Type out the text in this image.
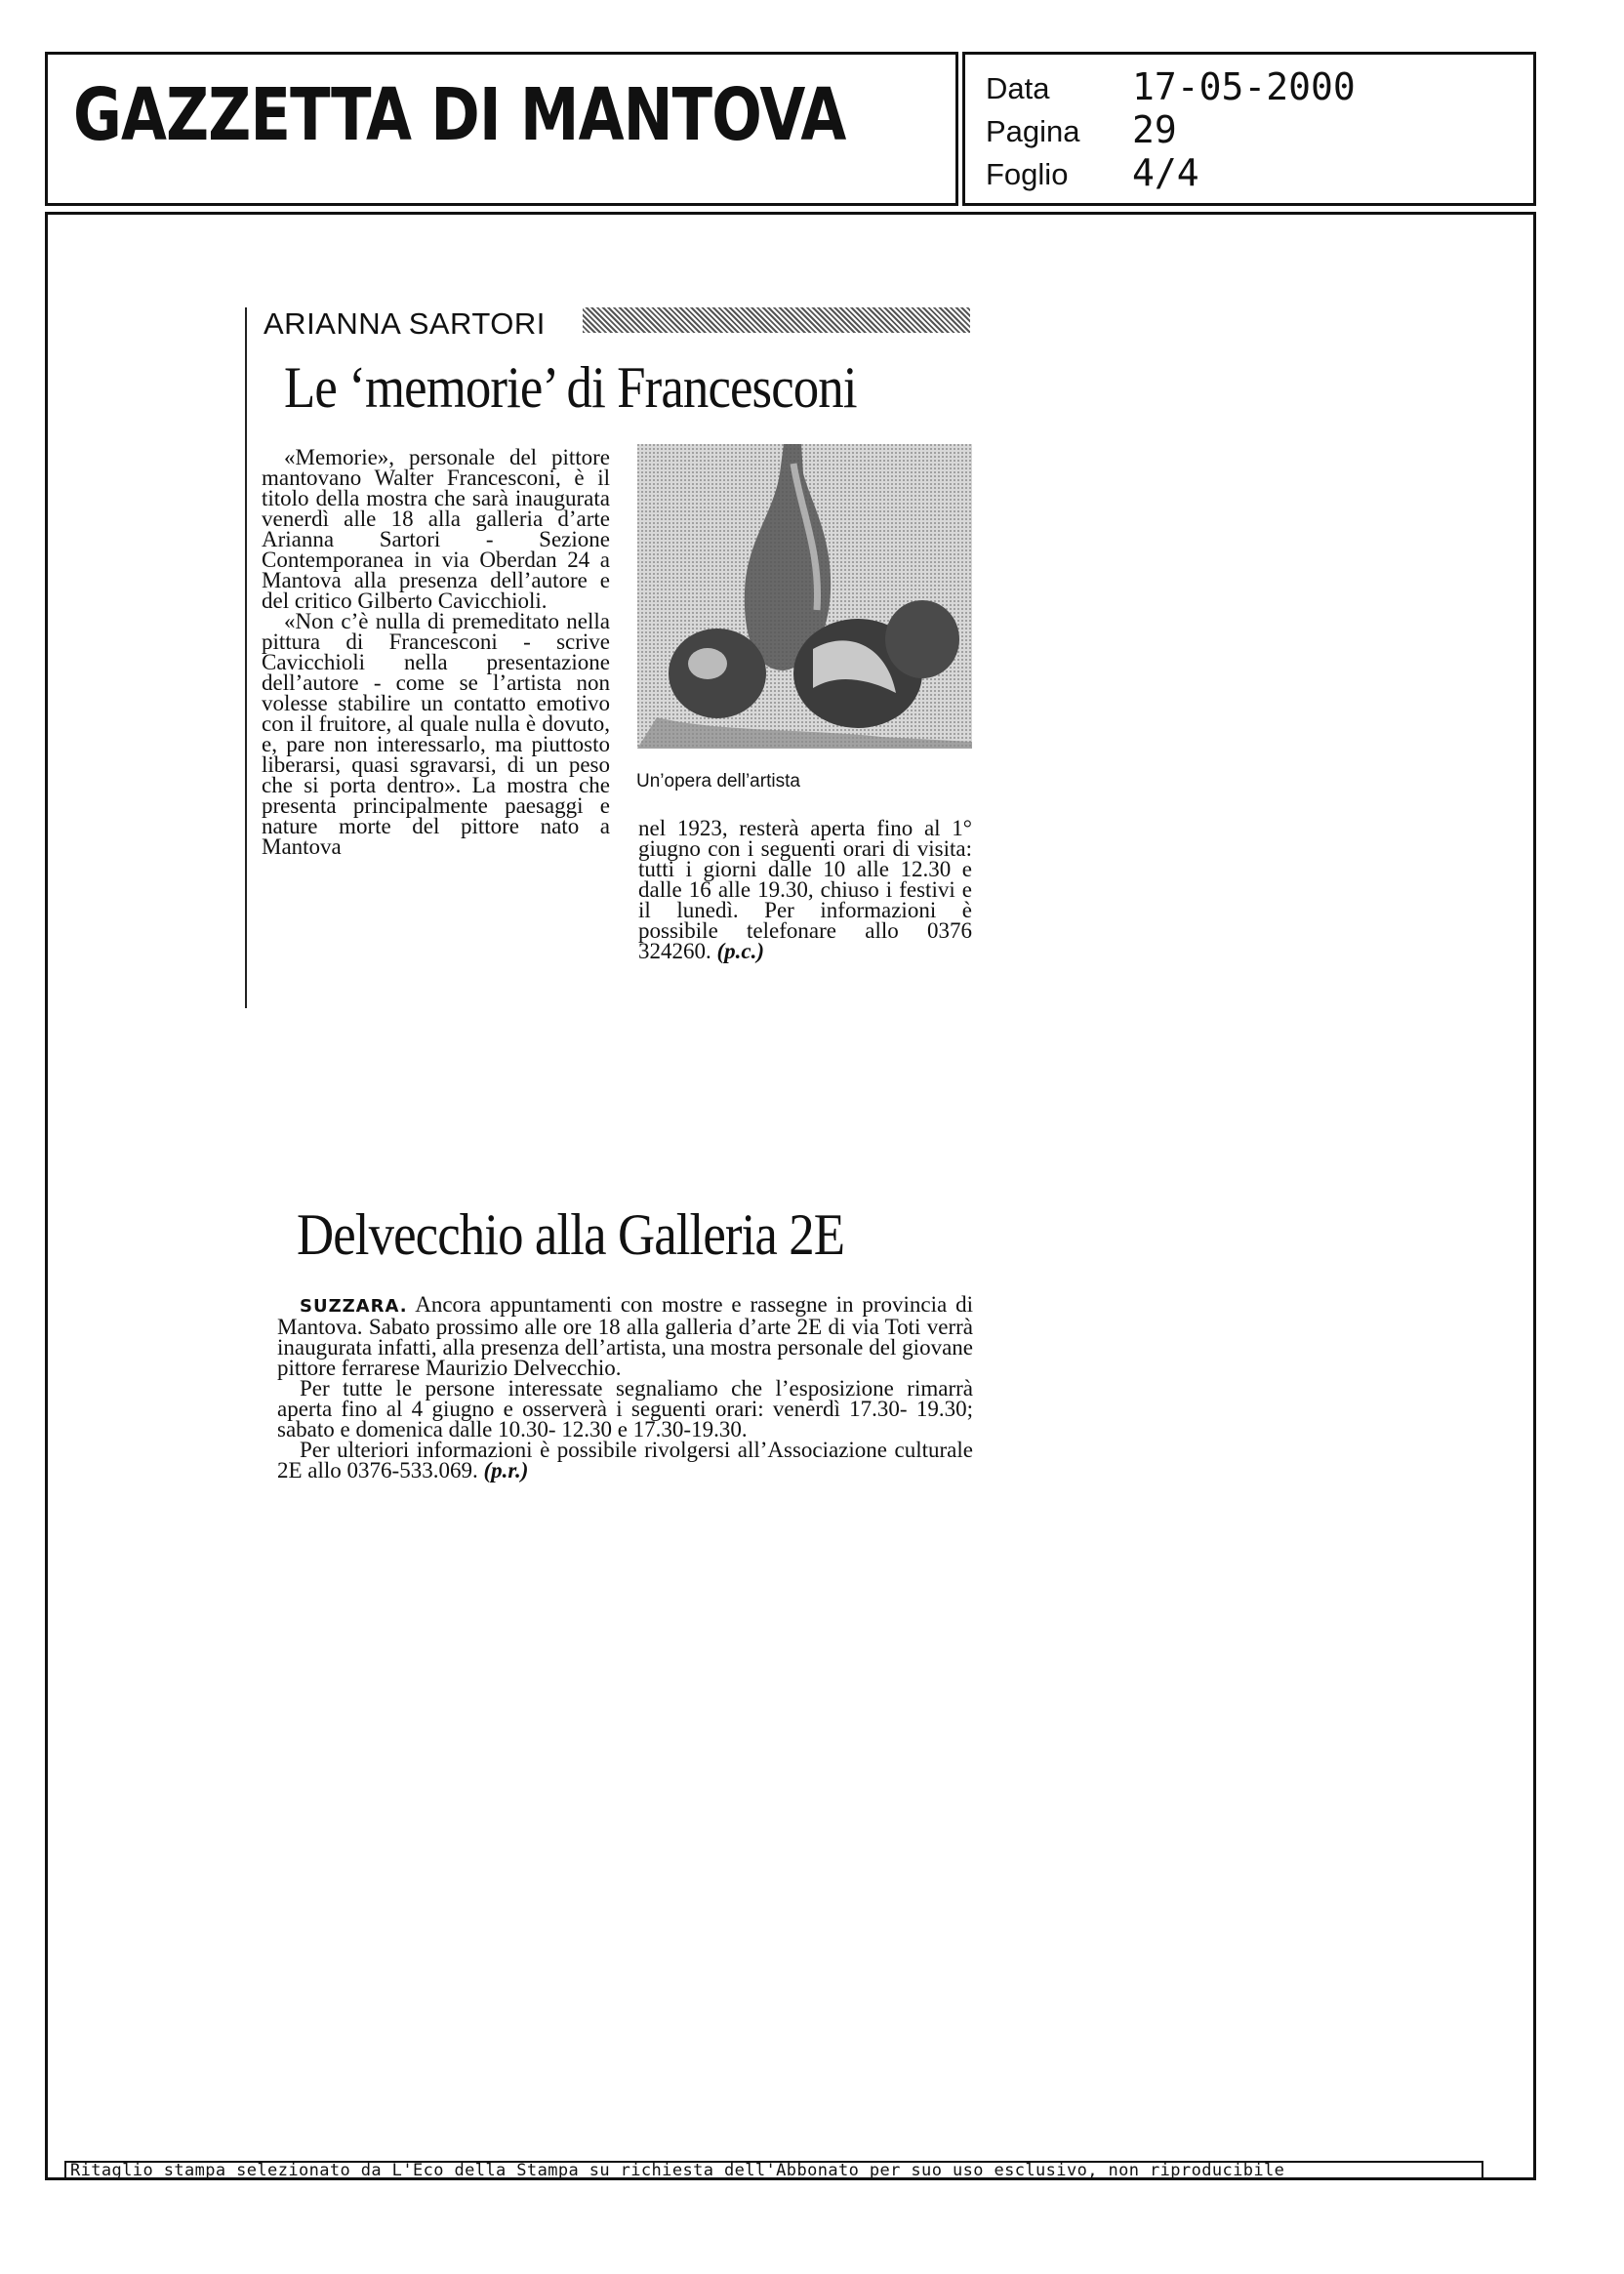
GAZZETTA DI MANTOVA	Data 17-05-2000
Pagina 29
Foglio 4/4
ARIANNA SARTORI
Le ‘memorie’ di Francesconi

«Memorie», personale del pittore mantovano Walter Francesconi, è il titolo della mostra che sarà inaugurata venerdì alle 18 alla galleria d’arte Arianna Sartori - Sezione Contemporanea in via Oberdan 24 a Mantova alla presenza dell’autore e del critico Gilberto Cavicchioli.

«Non c’è nulla di premeditato nella pittura di Francesconi - scrive Cavicchioli nella presentazione dell’autore - come se l’artista non volesse stabilire un contatto emotivo con il fruitore, al quale nulla è dovuto, e, pare non interessarlo, ma piuttosto liberarsi, quasi sgravarsi, di un peso che si porta dentro». La mostra che presenta principalmente paesaggi e nature morte del pittore nato a Mantova

Un’opera dell’artista

nel 1923, resterà aperta fino al 1° giugno con i seguenti orari di visita: tutti i giorni dalle 10 alle 12.30 e dalle 16 alle 19.30, chiuso i festivi e il lunedì. Per informazioni è possibile telefonare allo 0376 324260. (p.c.)

Delvecchio alla Galleria 2E

SUZZARA. Ancora appuntamenti con mostre e rassegne in provincia di Mantova. Sabato prossimo alle ore 18 alla galleria d’arte 2E di via Toti verrà inaugurata infatti, alla presenza dell’artista, una mostra personale del giovane pittore ferrarese Maurizio Delvecchio.

Per tutte le persone interessate segnaliamo che l’esposizione rimarrà aperta fino al 4 giugno e osserverà i seguenti orari: venerdì 17.30- 19.30; sabato e domenica dalle 10.30- 12.30 e 17.30-19.30.

Per ulteriori informazioni è possibile rivolgersi all’Associazione culturale 2E allo 0376-533.069. (p.r.)

Ritaglio stampa selezionato da L'Eco della Stampa su richiesta dell'Abbonato per suo uso esclusivo, non riproducibile
